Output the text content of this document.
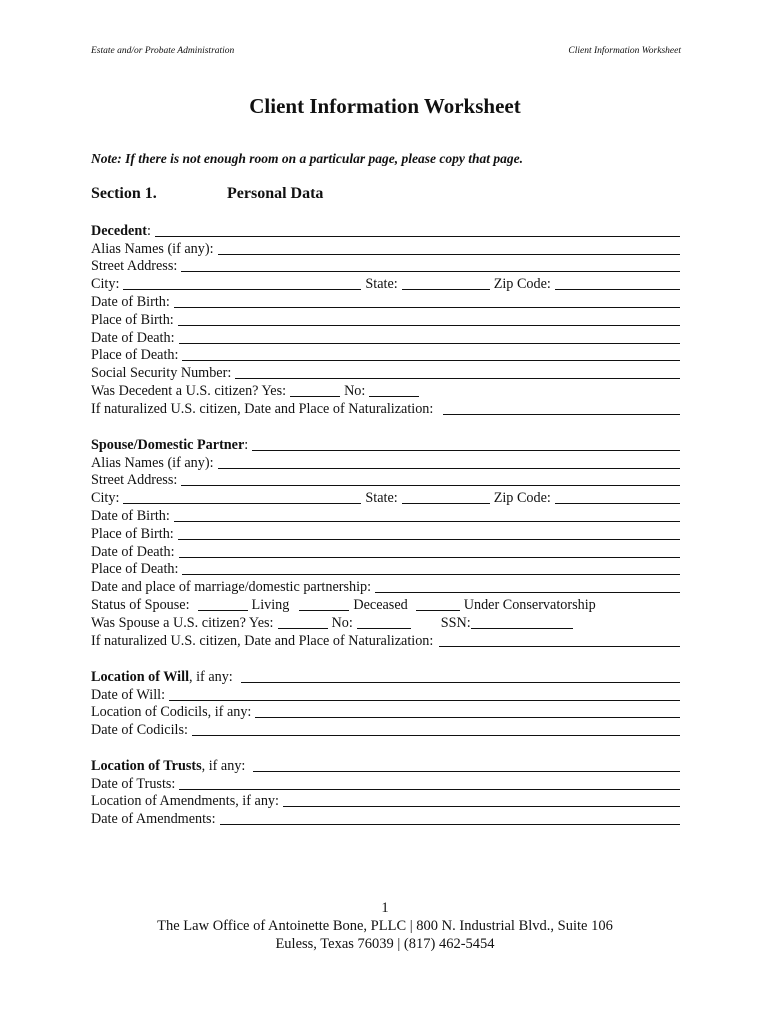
Estate and/or Probate Administration	Client Information Worksheet
Client Information Worksheet
Note: If there is not enough room on a particular page, please copy that page.
Section 1.	Personal Data
Decedent :
Alias Names (if any):
Street Address:
City:	State:	Zip Code:
Date of Birth:
Place of Birth:
Date of Death:
Place of Death:
Social Security Number:
Was Decedent a U.S. citizen? Yes:	No:
If naturalized U.S. citizen, Date and Place of Naturalization:
Spouse/Domestic Partner :
Alias Names (if any):
Street Address:
City:	State:	Zip Code:
Date of Birth:
Place of Birth:
Date of Death:
Place of Death:
Date and place of marriage/domestic partnership:
Status of Spouse:	Living	Deceased	Under Conservatorship
Was Spouse a U.S. citizen? Yes:	No:	SSN:
If naturalized U.S. citizen, Date and Place of Naturalization:
Location of Will , if any:
Date of Will:
Location of Codicils, if any:
Date of Codicils:
Location of Trusts , if any:
Date of Trusts:
Location of Amendments, if any:
Date of Amendments:
1
The Law Office of Antoinette Bone, PLLC | 800 N. Industrial Blvd., Suite 106
Euless, Texas 76039 | (817) 462-5454
